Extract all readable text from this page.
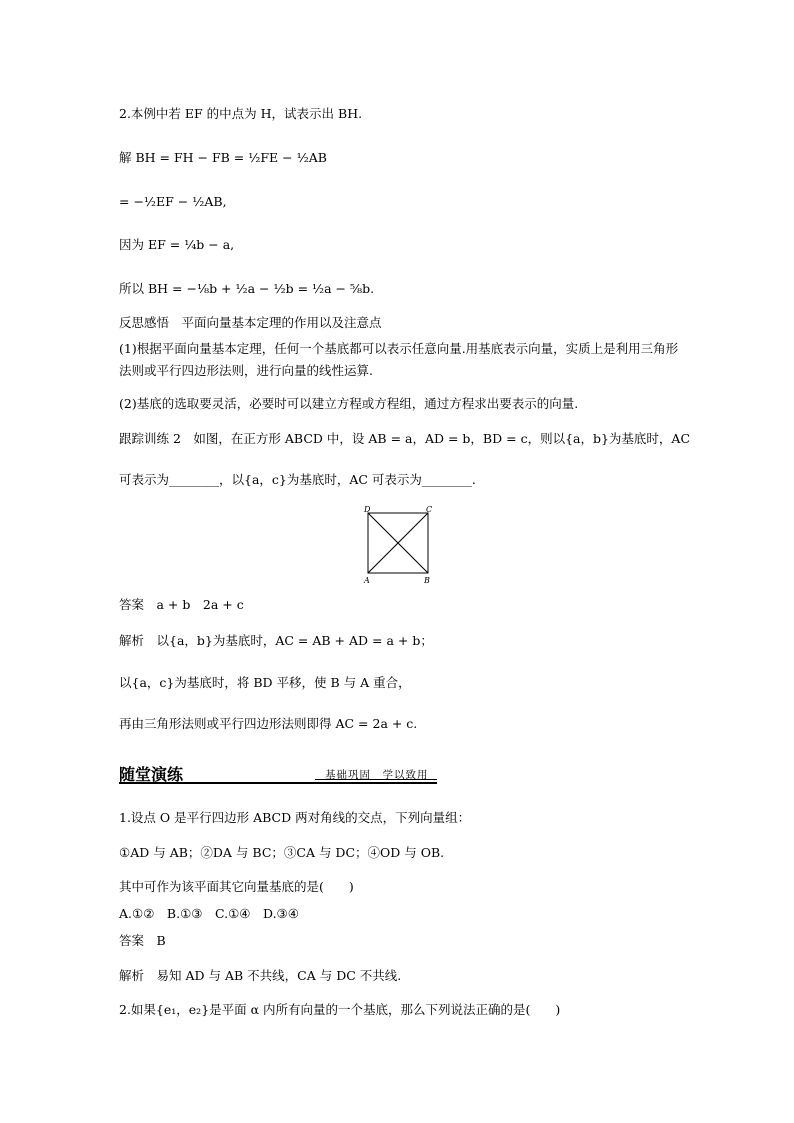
2.本例中若 EF 的中点为 H，试表示出 BH.
解 BH = FH − FB = ½FE − ½AB
= −½EF − ½AB,
因为 EF = ¼b − a,
所以 BH = −⅛b + ½a − ½b = ½a − ⅝b.
反思感悟　平面向量基本定理的作用以及注意点
(1)根据平面向量基本定理，任何一个基底都可以表示任意向量.用基底表示向量，实质上是利用三角形法则或平行四边形法则，进行向量的线性运算.
(2)基底的选取要灵活，必要时可以建立方程或方程组，通过方程求出要表示的向量.
跟踪训练 2　如图，在正方形 ABCD 中，设 AB = a，AD = b，BD = c，则以{a，b}为基底时，AC
可表示为________，以{a，c}为基底时，AC 可表示为________.
D	C
A	B
答案　a + b　2a + c
解析　以{a，b}为基底时，AC = AB + AD = a + b；
以{a，c}为基底时，将 BD 平移，使 B 与 A 重合，
再由三角形法则或平行四边形法则即得 AC = 2a + c.
随堂演练	基础巩固　学以致用
1.设点 O 是平行四边形 ABCD 两对角线的交点，下列向量组：
①AD 与 AB；②DA 与 BC；③CA 与 DC；④OD 与 OB.
其中可作为该平面其它向量基底的是(　　)
A.①②　B.①③　C.①④　D.③④
答案　B
解析　易知 AD 与 AB 不共线，CA 与 DC 不共线.
2.如果{e₁，e₂}是平面 α 内所有向量的一个基底，那么下列说法正确的是(　　)
